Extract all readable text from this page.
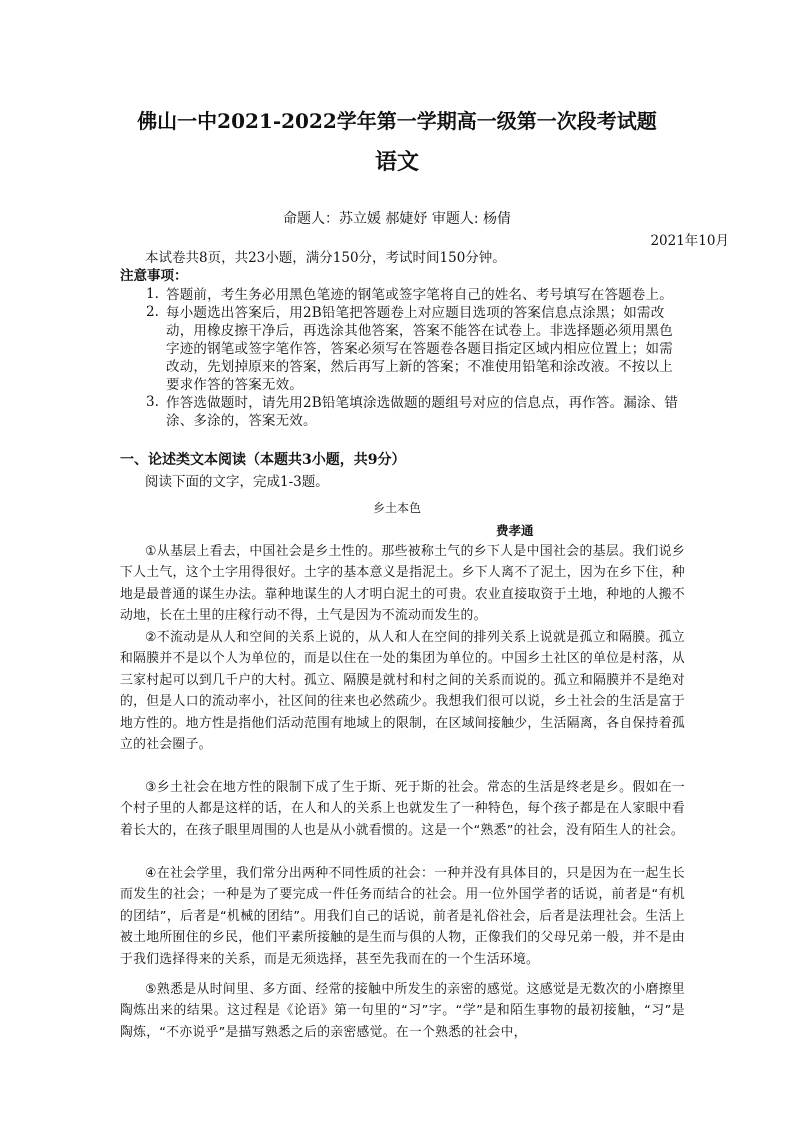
佛山一中2021-2022学年第一学期高一级第一次段考试题
语文
命题人：苏立媛 郝婕妤 审题人: 杨倩
2021年10月
本试卷共8页，共23小题，满分150分，考试时间150分钟。
注意事项：
1. 答题前，考生务必用黑色笔迹的钢笔或签字笔将自己的姓名、考号填写在答题卷上。
2. 每小题选出答案后，用2B铅笔把答题卷上对应题目选项的答案信息点涂黑；如需改动，用橡皮擦干净后，再选涂其他答案，答案不能答在试卷上。非选择题必须用黑色字迹的钢笔或签字笔作答，答案必须写在答题卷各题目指定区域内相应位置上；如需改动，先划掉原来的答案，然后再写上新的答案；不准使用铅笔和涂改液。不按以上要求作答的答案无效。
3. 作答选做题时，请先用2B铅笔填涂选做题的题组号对应的信息点，再作答。漏涂、错涂、多涂的，答案无效。
一、论述类文本阅读（本题共3小题，共9分）
阅读下面的文字，完成1-3题。
乡土本色
费孝通

①从基层上看去，中国社会是乡土性的。那些被称土气的乡下人是中国社会的基层。我们说乡下人土气，这个土字用得很好。土字的基本意义是指泥土。乡下人离不了泥土，因为在乡下住，种地是最普通的谋生办法。靠种地谋生的人才明白泥土的可贵。农业直接取资于土地，种地的人搬不动地，长在土里的庄稼行动不得，土气是因为不流动而发生的。

②不流动是从人和空间的关系上说的，从人和人在空间的排列关系上说就是孤立和隔膜。孤立和隔膜并不是以个人为单位的，而是以住在一处的集团为单位的。中国乡土社区的单位是村落，从三家村起可以到几千户的大村。孤立、隔膜是就村和村之间的关系而说的。孤立和隔膜并不是绝对的，但是人口的流动率小，社区间的往来也必然疏少。我想我们很可以说，乡土社会的生活是富于地方性的。地方性是指他们活动范围有地域上的限制，在区域间接触少，生活隔离，各自保持着孤立的社会圈子。

③乡土社会在地方性的限制下成了生于斯、死于斯的社会。常态的生活是终老是乡。假如在一个村子里的人都是这样的话，在人和人的关系上也就发生了一种特色，每个孩子都是在人家眼中看着长大的，在孩子眼里周围的人也是从小就看惯的。这是一个“熟悉”的社会，没有陌生人的社会。

④在社会学里，我们常分出两种不同性质的社会：一种并没有具体目的，只是因为在一起生长而发生的社会；一种是为了要完成一件任务而结合的社会。用一位外国学者的话说，前者是“有机的团结”，后者是“机械的团结”。用我们自己的话说，前者是礼俗社会，后者是法理社会。生活上被土地所囿住的乡民，他们平素所接触的是生而与俱的人物，正像我们的父母兄弟一般，并不是由于我们选择得来的关系，而是无须选择，甚至先我而在的一个生活环境。

⑤熟悉是从时间里、多方面、经常的接触中所发生的亲密的感觉。这感觉是无数次的小磨擦里陶炼出来的结果。这过程是《论语》第一句里的“习”字。“学”是和陌生事物的最初接触，“习”是陶炼，“不亦说乎”是描写熟悉之后的亲密感觉。在一个熟悉的社会中，
